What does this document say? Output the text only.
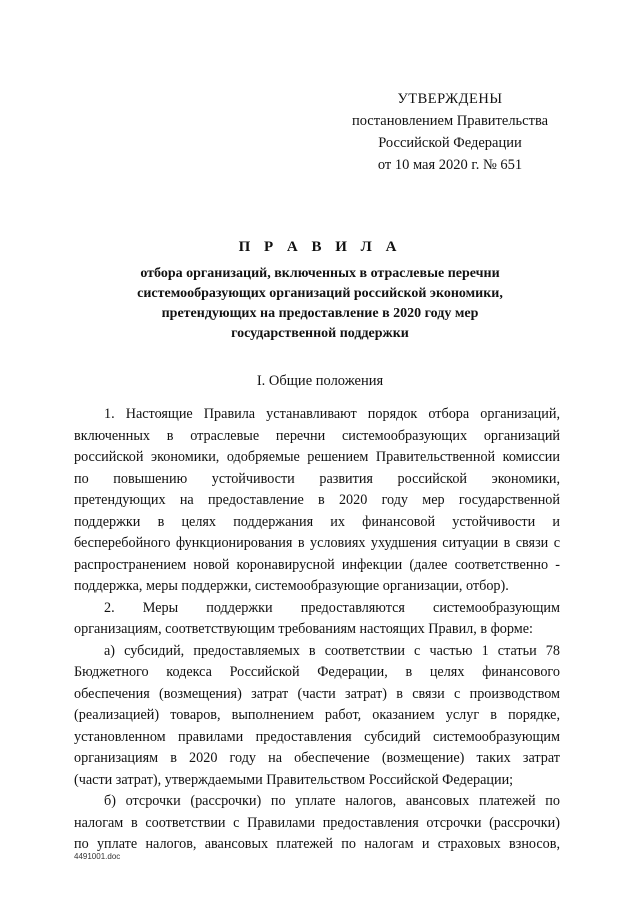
УТВЕРЖДЕНЫ
постановлением Правительства
Российской Федерации
от 10 мая 2020 г. № 651
П Р А В И Л А
отбора организаций, включенных в отраслевые перечни
системообразующих организаций российской экономики,
претендующих на предоставление в 2020 году мер
государственной поддержки
I. Общие положения
1. Настоящие Правила устанавливают порядок отбора организаций,
включенных в отраслевые перечни системообразующих организаций
российской экономики, одобряемые решением Правительственной комиссии
по повышению устойчивости развития российской экономики,
претендующих на предоставление в 2020 году мер государственной
поддержки в целях поддержания их финансовой устойчивости и
бесперебойного функционирования в условиях ухудшения ситуации в связи с
распространением новой коронавирусной инфекции (далее соответственно -
поддержка, меры поддержки, системообразующие организации, отбор).
2. Меры поддержки предоставляются системообразующим
организациям, соответствующим требованиям настоящих Правил, в форме:
а) субсидий, предоставляемых в соответствии с частью 1 статьи 78
Бюджетного кодекса Российской Федерации, в целях финансового
обеспечения (возмещения) затрат (части затрат) в связи с производством
(реализацией) товаров, выполнением работ, оказанием услуг в порядке,
установленном правилами предоставления субсидий системообразующим
организациям в 2020 году на обеспечение (возмещение) таких затрат
(части затрат), утверждаемыми Правительством Российской Федерации;
б) отсрочки (рассрочки) по уплате налогов, авансовых платежей по
налогам в соответствии с Правилами предоставления отсрочки (рассрочки)
по уплате налогов, авансовых платежей по налогам и страховых взносов,
4491001.doc
